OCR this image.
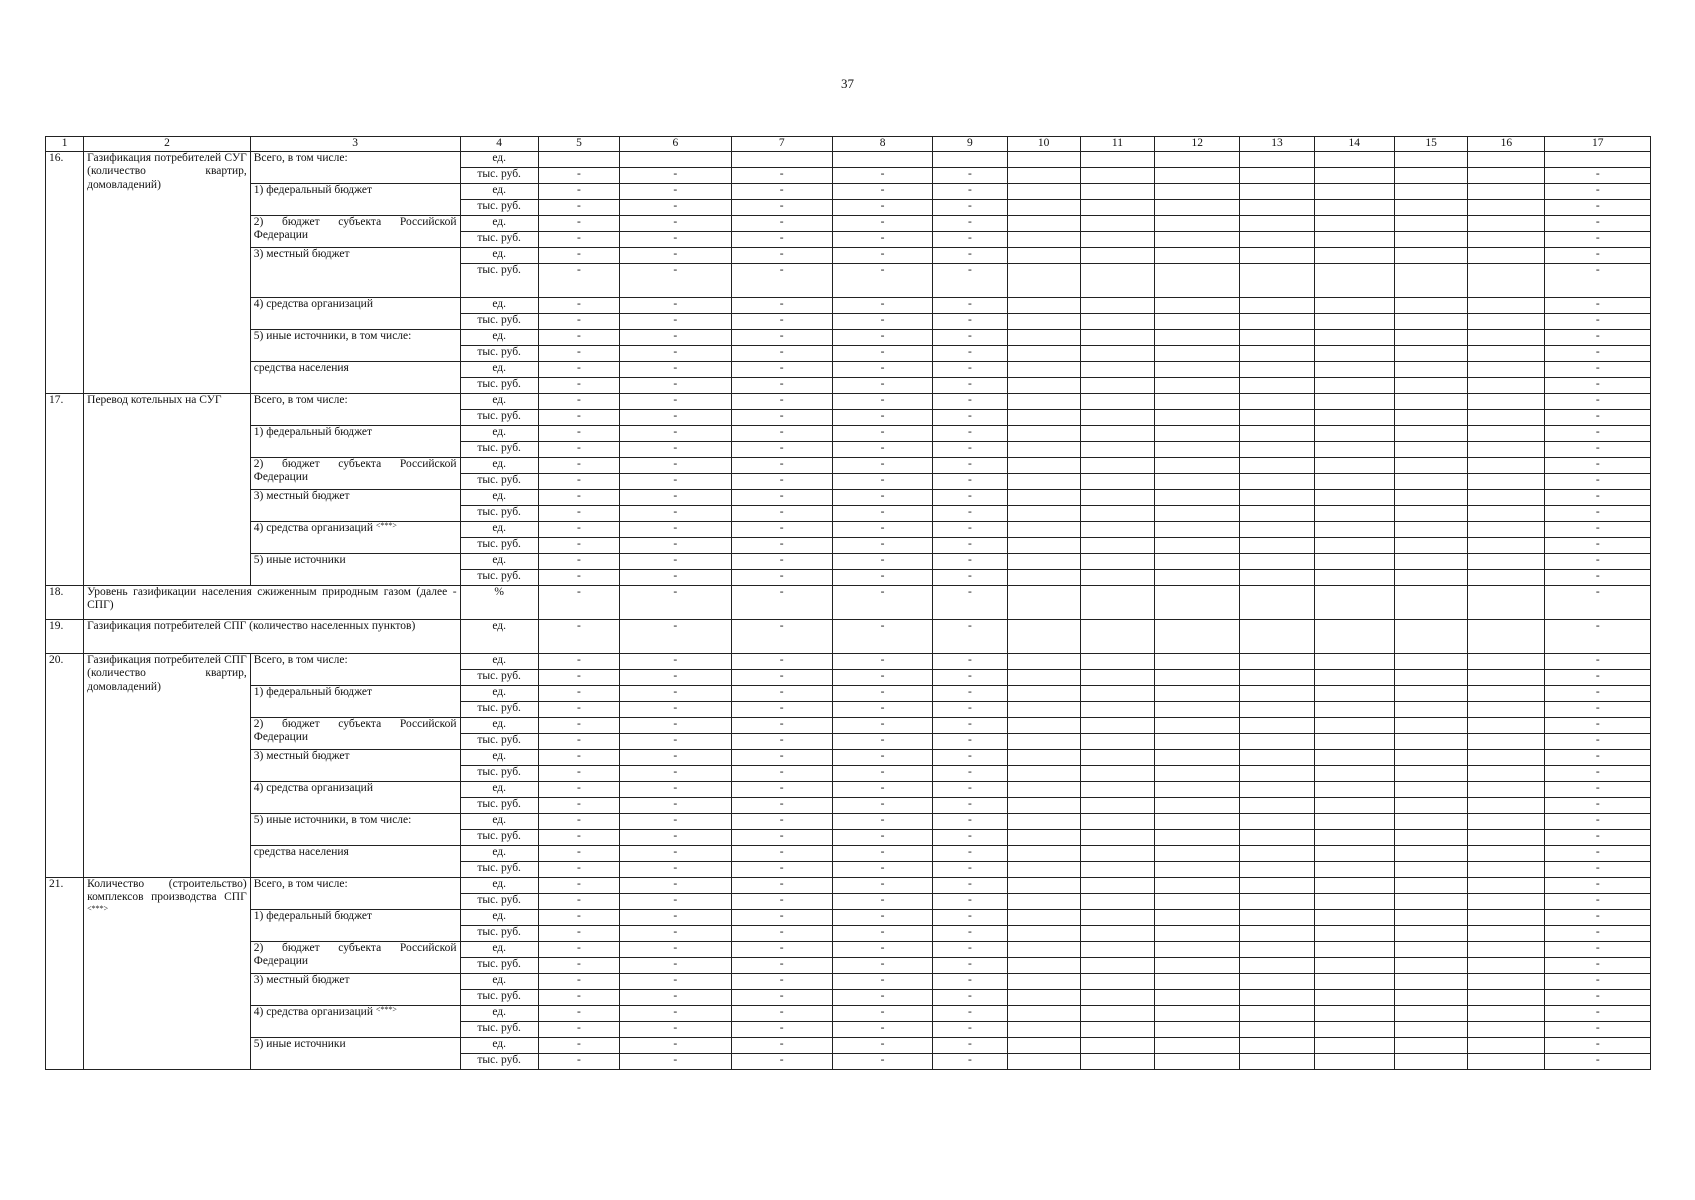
37
1	2	3	4	5	6	7	8	9	10	11	12	13	14	15	16	17
16.	Газификация потребителей СУГ (количество квартир, домовладений)	Всего, в том числе:	ед.													
			тыс. руб.	-	-	-	-	-								-
		1) федеральный бюджет	ед.	-	-	-	-	-								-
			тыс. руб.	-	-	-	-	-								-
		2) бюджет субъекта Российской Федерации	ед.	-	-	-	-	-								-
			тыс. руб.	-	-	-	-	-								-
		3) местный бюджет	ед.	-	-	-	-	-								-
			тыс. руб.	-	-	-	-	-								-
		4) средства организаций	ед.	-	-	-	-	-								-
			тыс. руб.	-	-	-	-	-								-
		5) иные источники, в том числе:	ед.	-	-	-	-	-								-
			тыс. руб.	-	-	-	-	-								-
		средства населения	ед.	-	-	-	-	-								-
			тыс. руб.	-	-	-	-	-								-
17.	Перевод котельных на СУГ	Всего, в том числе:	ед.	-	-	-	-	-								-
			тыс. руб.	-	-	-	-	-								-
		1) федеральный бюджет	ед.	-	-	-	-	-								-
			тыс. руб.	-	-	-	-	-								-
		2) бюджет субъекта Российской Федерации	ед.	-	-	-	-	-								-
			тыс. руб.	-	-	-	-	-								-
		3) местный бюджет	ед.	-	-	-	-	-								-
			тыс. руб.	-	-	-	-	-								-
		4) средства организаций <***>	ед.	-	-	-	-	-								-
			тыс. руб.	-	-	-	-	-								-
		5) иные источники	ед.	-	-	-	-	-								-
			тыс. руб.	-	-	-	-	-								-
18.	Уровень газификации населения сжиженным природным газом (далее - СПГ)		%	-	-	-	-	-								-
19.	Газификация потребителей СПГ (количество населенных пунктов)		ед.	-	-	-	-	-								-
20.	Газификация потребителей СПГ (количество квартир, домовладений)	Всего, в том числе:	ед.	-	-	-	-	-								-
			тыс. руб.	-	-	-	-	-								-
		1) федеральный бюджет	ед.	-	-	-	-	-								-
			тыс. руб.	-	-	-	-	-								-
		2) бюджет субъекта Российской Федерации	ед.	-	-	-	-	-								-
			тыс. руб.	-	-	-	-	-								-
		3) местный бюджет	ед.	-	-	-	-	-								-
			тыс. руб.	-	-	-	-	-								-
		4) средства организаций	ед.	-	-	-	-	-								-
			тыс. руб.	-	-	-	-	-								-
		5) иные источники, в том числе:	ед.	-	-	-	-	-								-
			тыс. руб.	-	-	-	-	-								-
		средства населения	ед.	-	-	-	-	-								-
			тыс. руб.	-	-	-	-	-								-
21.	Количество (строительство) комплексов производства СПГ <***>	Всего, в том числе:	ед.	-	-	-	-	-								-
			тыс. руб.	-	-	-	-	-								-
		1) федеральный бюджет	ед.	-	-	-	-	-								-
			тыс. руб.	-	-	-	-	-								-
		2) бюджет субъекта Российской Федерации	ед.	-	-	-	-	-								-
			тыс. руб.	-	-	-	-	-								-
		3) местный бюджет	ед.	-	-	-	-	-								-
			тыс. руб.	-	-	-	-	-								-
		4) средства организаций <***>	ед.	-	-	-	-	-								-
			тыс. руб.	-	-	-	-	-								-
		5) иные источники	ед.	-	-	-	-	-								-
			тыс. руб.	-	-	-	-	-								-
